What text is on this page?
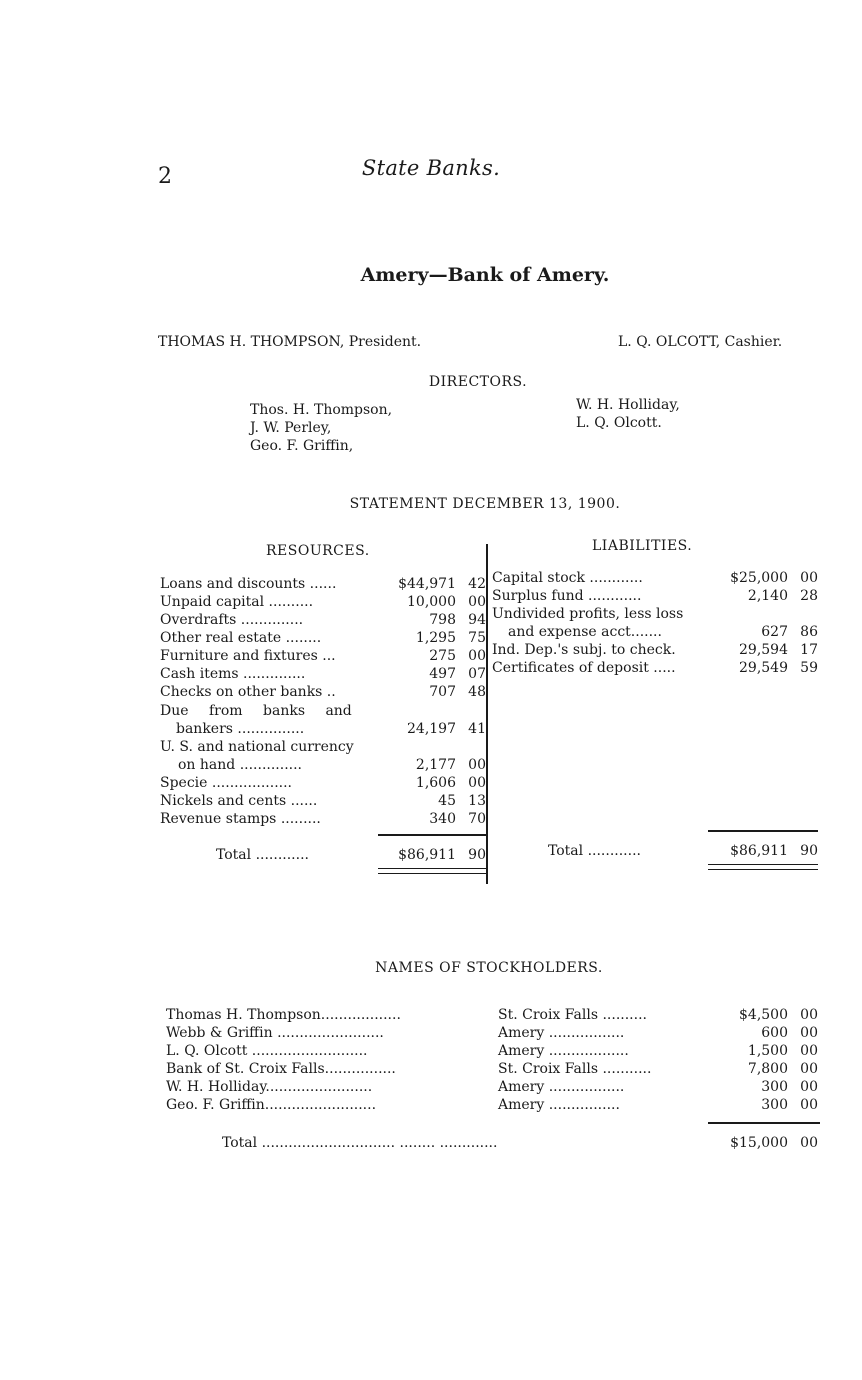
2	State Banks.
Amery—Bank of Amery.
THOMAS H. THOMPSON, President.	L. Q. OLCOTT, Cashier.
DIRECTORS.
Thos. H. Thompson,
J. W. Perley,
Geo. F. Griffin,
W. H. Holliday,
L. Q. Olcott.
STATEMENT DECEMBER 13, 1900.
RESOURCES.	LIABILITIES.
Loans and discounts ......	$44,971 42
Unpaid capital ..........	10,000 00
Overdrafts ..............	798 94
Other real estate ........	1,295 75
Furniture and fixtures ...	275 00
Cash items ..............	497 07
Checks on other banks ..	707 48
Due from banks and
bankers ...............	24,197 41
U. S. and national currency
on hand ..............	2,177 00
Specie ..................	1,606 00
Nickels and cents ......	45 13
Revenue stamps .........	340 70
Total ............	$86,911 90
Capital stock ............	$25,000 00
Surplus fund ............	2,140 28
Undivided profits, less loss
and expense acct.......	627 86
Ind. Dep.'s subj. to check.	29,594 17
Certificates of deposit .....	29,549 59
Total ............	$86,911 90
NAMES OF STOCKHOLDERS.
Thomas H. Thompson..................	St. Croix Falls ..........	$4,500 00
Webb & Griffin ........................	Amery .................	600 00
L. Q. Olcott ..........................	Amery ..................	1,500 00
Bank of St. Croix Falls................	St. Croix Falls ...........	7,800 00
W. H. Holliday........................	Amery .................	300 00
Geo. F. Griffin.........................	Amery ................	300 00
Total .............................. ........ .............	$15,000 00
